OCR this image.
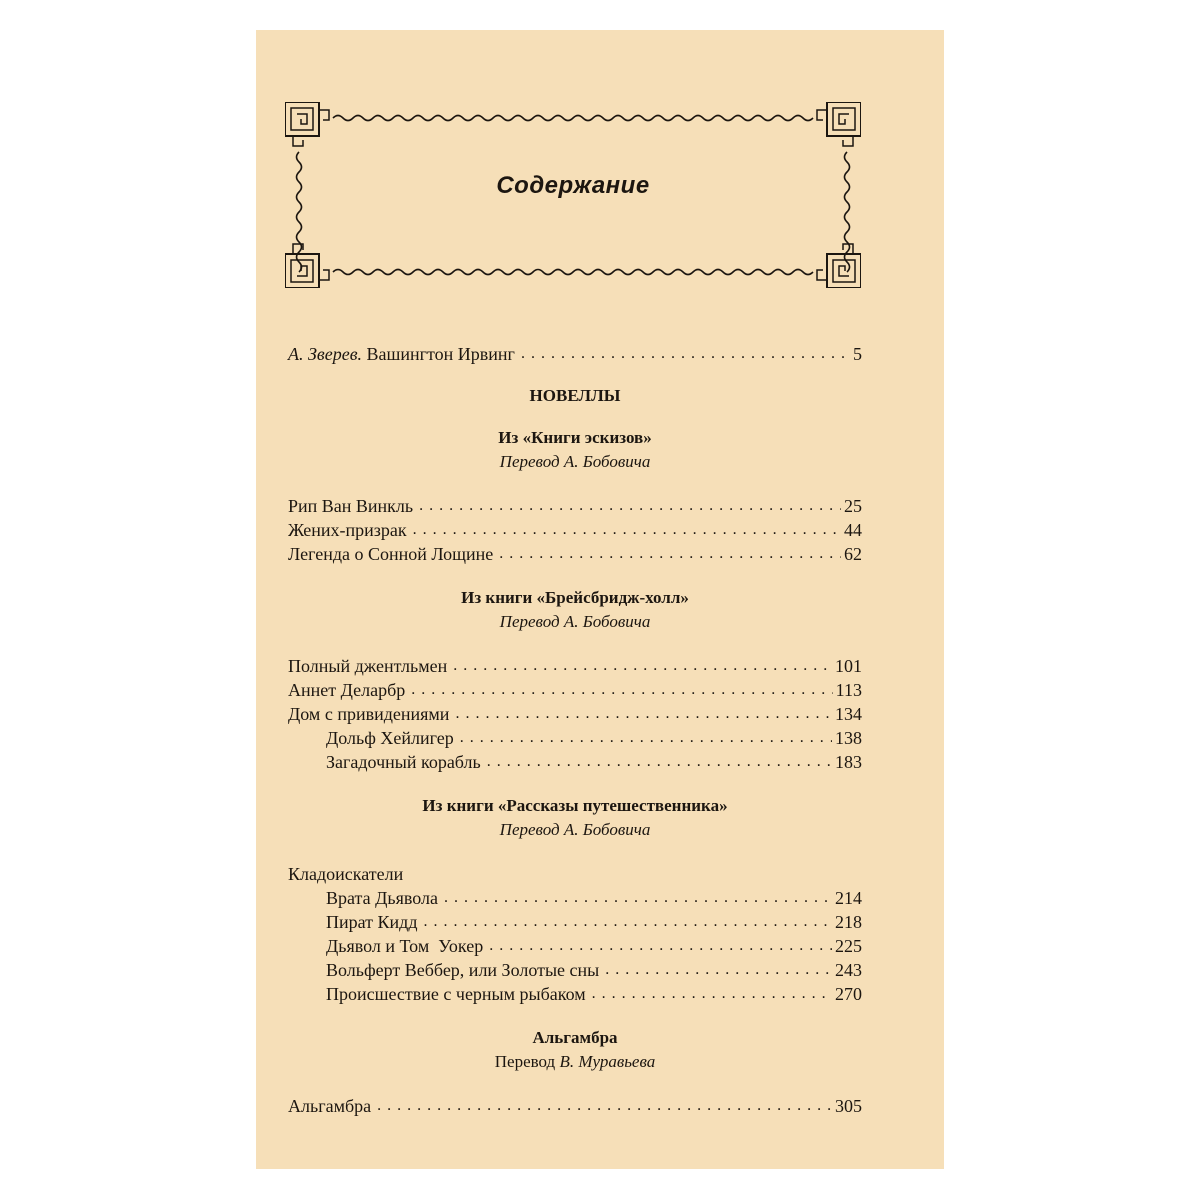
Содержание
А. Зверев. Вашингтон Ирвинг . . .	5
НОВЕЛЛЫ
Из «Книги эскизов»
Перевод А. Бобовича
Рип Ван Винкль . . .	25
Жених-призрак . . .	44
Легенда о Сонной Лощине . . .	62
Из книги «Брейсбридж-холл»
Перевод А. Бобовича
Полный джентльмен . . .	101
Аннет Деларбр . . .	113
Дом с привидениями . . .	134
Дольф Хейлигер . . .	138
Загадочный корабль . . .	183
Из книги «Рассказы путешественника»
Перевод А. Бобовича
Кладоискатели
Врата Дьявола . . .	214
Пират Кидд . . .	218
Дьявол и Том  Уокер . . .	225
Вольферт Веббер, или Золотые сны . . .	243
Происшествие с черным рыбаком . . .	270
Альгамбра
Перевод В. Муравьева
Альгамбра . . .	305
